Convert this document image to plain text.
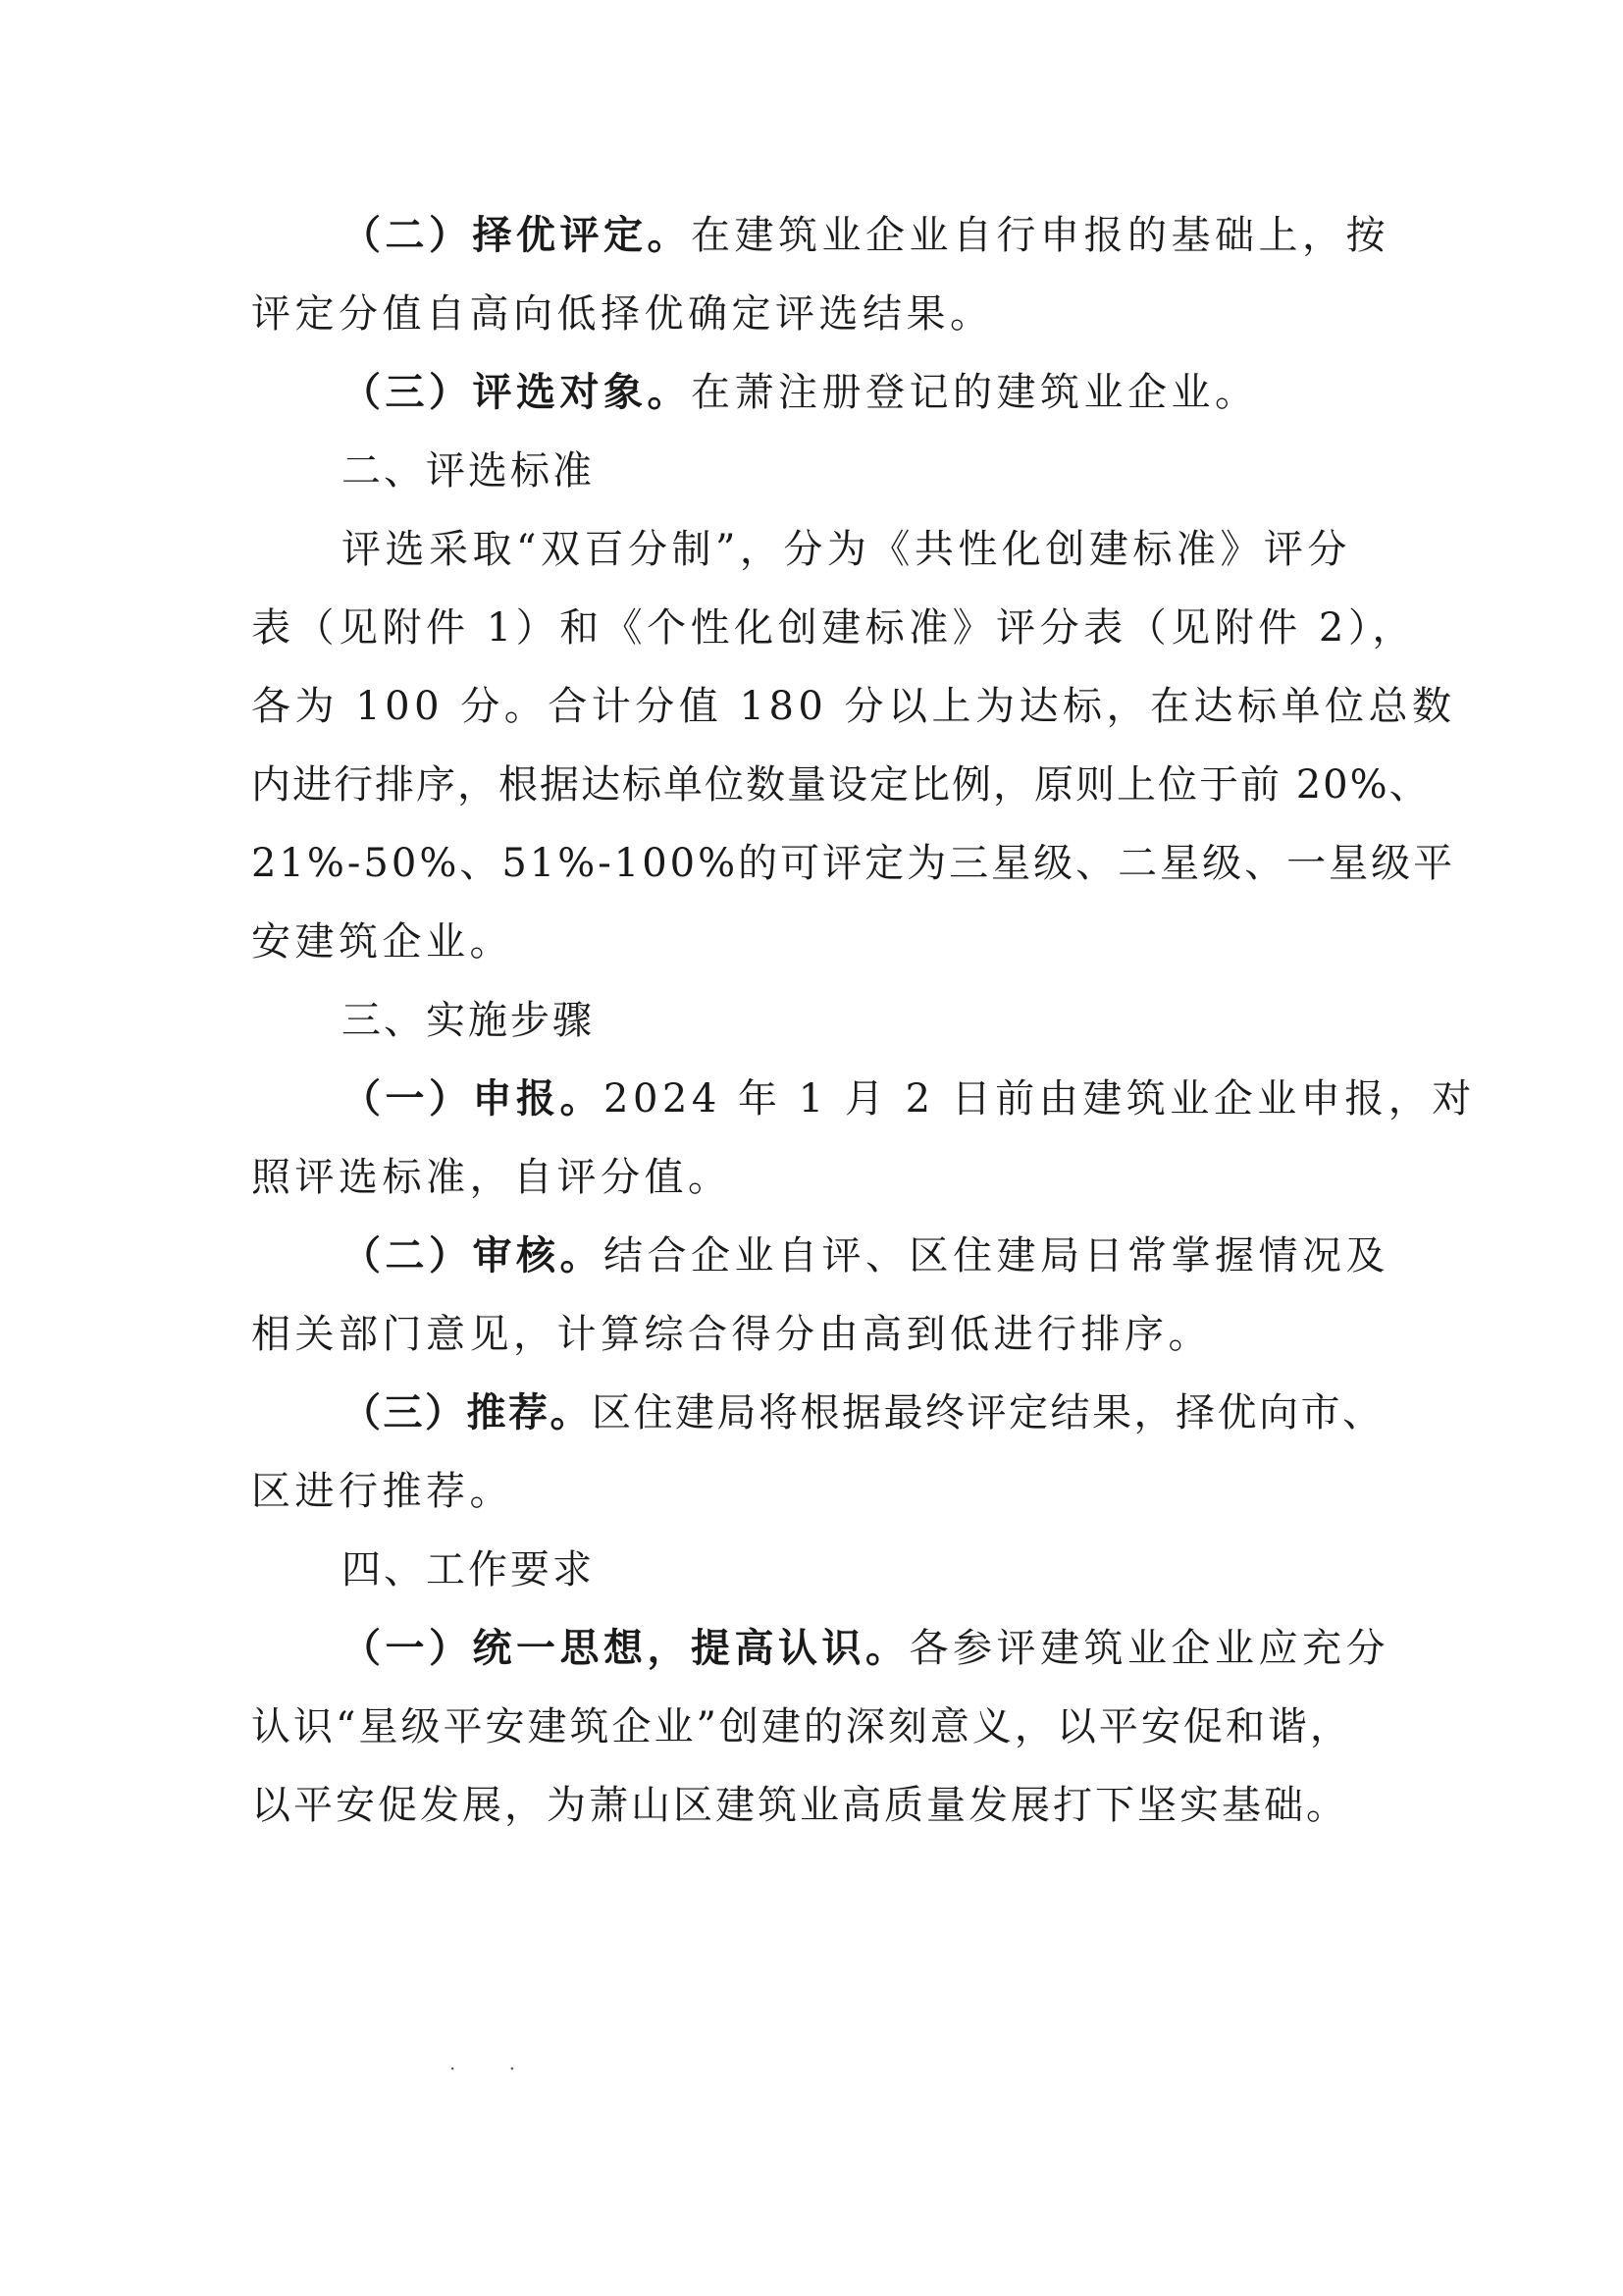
（二）择优评定。在建筑业企业自行申报的基础上，按
评定分值自高向低择优确定评选结果。
（三）评选对象。在萧注册登记的建筑业企业。
二、评选标准
评选采取“双百分制”，分为《共性化创建标准》评分
表（见附件 1）和《个性化创建标准》评分表（见附件 2），
各为 100 分。合计分值 180 分以上为达标，在达标单位总数
内进行排序，根据达标单位数量设定比例，原则上位于前 20%、
21%-50%、51%-100%的可评定为三星级、二星级、一星级平
安建筑企业。
三、实施步骤
（一）申报。2024 年 1 月 2 日前由建筑业企业申报，对
照评选标准，自评分值。
（二）审核。结合企业自评、区住建局日常掌握情况及
相关部门意见，计算综合得分由高到低进行排序。
（三）推荐。区住建局将根据最终评定结果，择优向市、
区进行推荐。
四、工作要求
（一）统一思想，提高认识。各参评建筑业企业应充分
认识“星级平安建筑企业”创建的深刻意义，以平安促和谐，
以平安促发展，为萧山区建筑业高质量发展打下坚实基础。
· ·
